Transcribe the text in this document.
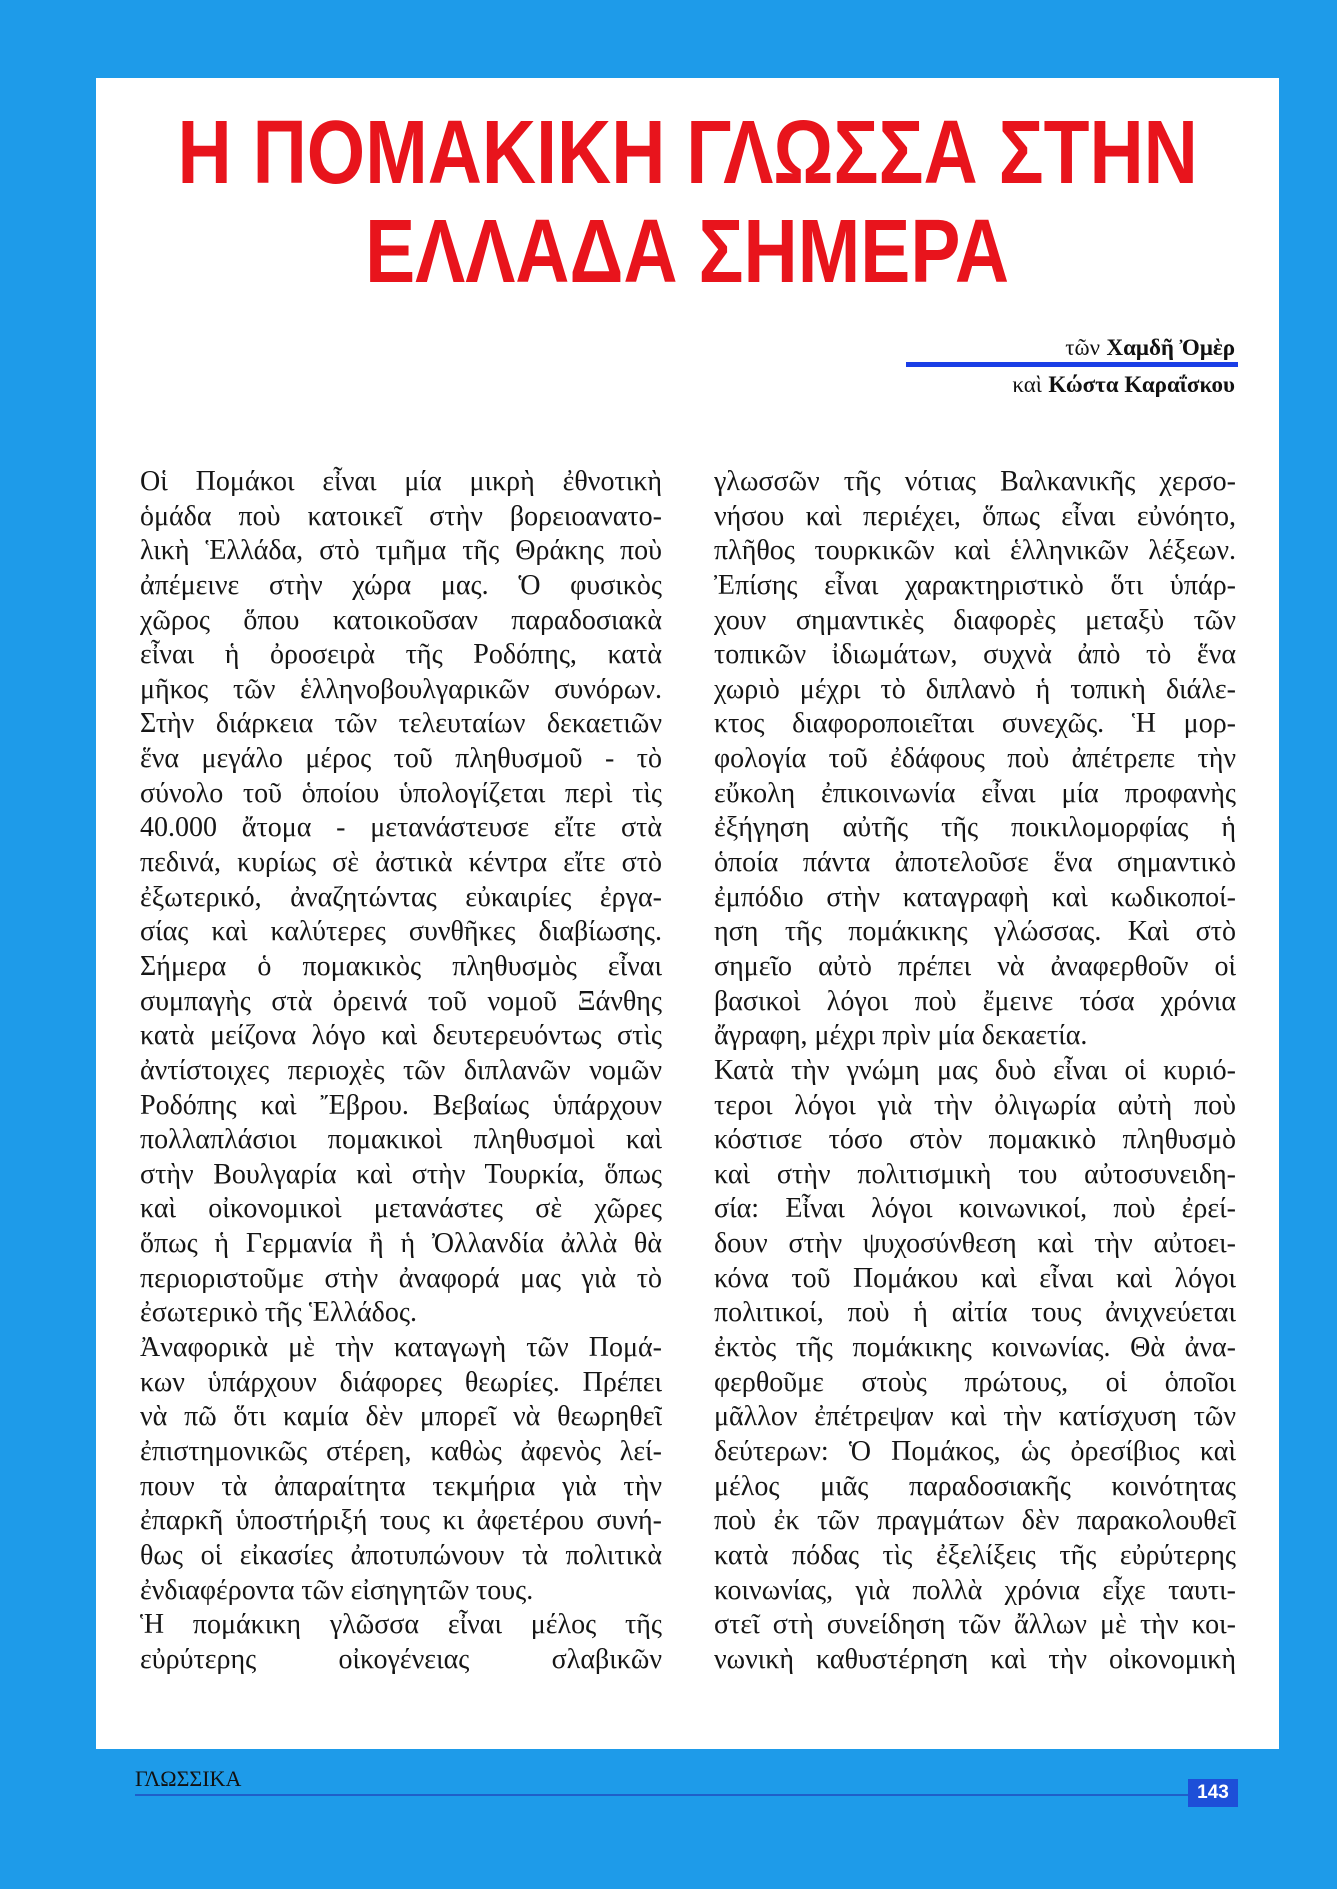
Η ΠΟΜΑΚΙΚΗ ΓΛΩΣΣΑ ΣΤΗΝ
ΕΛΛΑΔΑ ΣΗΜΕΡΑ
τῶν Χαμδῆ Ὀμὲρ
καὶ Κώστα Καραΐσκου
Οἱ Πομάκοι εἶναι μία μικρὴ ἐθνοτικὴ
ὁμάδα ποὺ κατοικεῖ στὴν βορειοανατο-
λικὴ Ἑλλάδα, στὸ τμῆμα τῆς Θράκης ποὺ
ἀπέμεινε στὴν χώρα μας. Ὁ φυσικὸς
χῶρος ὅπου κατοικοῦσαν παραδοσιακὰ
εἶναι ἡ ὀροσειρὰ τῆς Ροδόπης, κατὰ
μῆκος τῶν ἑλληνοβουλγαρικῶν συνόρων.
Στὴν διάρκεια τῶν τελευταίων δεκαετιῶν
ἕνα μεγάλο μέρος τοῦ πληθυσμοῦ - τὸ
σύνολο τοῦ ὁποίου ὑπολογίζεται περὶ τὶς
40.000 ἄτομα - μετανάστευσε εἴτε στὰ
πεδινά, κυρίως σὲ ἀστικὰ κέντρα εἴτε στὸ
ἐξωτερικό, ἀναζητώντας εὐκαιρίες ἐργα-
σίας καὶ καλύτερες συνθῆκες διαβίωσης.
Σήμερα ὁ πομακικὸς πληθυσμὸς εἶναι
συμπαγὴς στὰ ὀρεινά τοῦ νομοῦ Ξάνθης
κατὰ μείζονα λόγο καὶ δευτερευόντως στὶς
ἀντίστοιχες περιοχὲς τῶν διπλανῶν νομῶν
Ροδόπης καὶ Ἔβρου. Βεβαίως ὑπάρχουν
πολλαπλάσιοι πομακικοὶ πληθυσμοὶ καὶ
στὴν Βουλγαρία καὶ στὴν Τουρκία, ὅπως
καὶ οἰκονομικοὶ μετανάστες σὲ χῶρες
ὅπως ἡ Γερμανία ἢ ἡ Ὀλλανδία ἀλλὰ θὰ
περιοριστοῦμε στὴν ἀναφορά μας γιὰ τὸ
ἐσωτερικὸ τῆς Ἑλλάδος.
Ἀναφορικὰ μὲ τὴν καταγωγὴ τῶν Πομά-
κων ὑπάρχουν διάφορες θεωρίες. Πρέπει
νὰ πῶ ὅτι καμία δὲν μπορεῖ νὰ θεωρηθεῖ
ἐπιστημονικῶς στέρεη, καθὼς ἀφενὸς λεί-
πουν τὰ ἀπαραίτητα τεκμήρια γιὰ τὴν
ἐπαρκῆ ὑποστήριξή τους κι ἀφετέρου συνή-
θως οἱ εἰκασίες ἀποτυπώνουν τὰ πολιτικὰ
ἐνδιαφέροντα τῶν εἰσηγητῶν τους.
Ἡ πομάκικη γλῶσσα εἶναι μέλος τῆς
εὐρύτερης οἰκογένειας σλαβικῶν
γλωσσῶν τῆς νότιας Βαλκανικῆς χερσο-
νήσου καὶ περιέχει, ὅπως εἶναι εὐνόητο,
πλῆθος τουρκικῶν καὶ ἑλληνικῶν λέξεων.
Ἐπίσης εἶναι χαρακτηριστικὸ ὅτι ὑπάρ-
χουν σημαντικὲς διαφορὲς μεταξὺ τῶν
τοπικῶν ἰδιωμάτων, συχνὰ ἀπὸ τὸ ἕνα
χωριὸ μέχρι τὸ διπλανὸ ἡ τοπικὴ διάλε-
κτος διαφοροποιεῖται συνεχῶς. Ἡ μορ-
φολογία τοῦ ἐδάφους ποὺ ἀπέτρεπε τὴν
εὔκολη ἐπικοινωνία εἶναι μία προφανὴς
ἐξήγηση αὐτῆς τῆς ποικιλομορφίας ἡ
ὁποία πάντα ἀποτελοῦσε ἕνα σημαντικὸ
ἐμπόδιο στὴν καταγραφὴ καὶ κωδικοποί-
ηση τῆς πομάκικης γλώσσας. Καὶ στὸ
σημεῖο αὐτὸ πρέπει νὰ ἀναφερθοῦν οἱ
βασικοὶ λόγοι ποὺ ἔμεινε τόσα χρόνια
ἄγραφη, μέχρι πρὶν μία δεκαετία.
Κατὰ τὴν γνώμη μας δυὸ εἶναι οἱ κυριό-
τεροι λόγοι γιὰ τὴν ὀλιγωρία αὐτὴ ποὺ
κόστισε τόσο στὸν πομακικὸ πληθυσμὸ
καὶ στὴν πολιτισμικὴ του αὐτοσυνειδη-
σία: Εἶναι λόγοι κοινωνικοί, ποὺ ἐρεί-
δουν στὴν ψυχοσύνθεση καὶ τὴν αὐτοει-
κόνα τοῦ Πομάκου καὶ εἶναι καὶ λόγοι
πολιτικοί, ποὺ ἡ αἰτία τους ἀνιχνεύεται
ἐκτὸς τῆς πομάκικης κοινωνίας. Θὰ ἀνα-
φερθοῦμε στοὺς πρώτους, οἱ ὁποῖοι
μᾶλλον ἐπέτρεψαν καὶ τὴν κατίσχυση τῶν
δεύτερων: Ὁ Πομάκος, ὡς ὀρεσίβιος καὶ
μέλος μιᾶς παραδοσιακῆς κοινότητας
ποὺ ἐκ τῶν πραγμάτων δὲν παρακολουθεῖ
κατὰ πόδας τὶς ἐξελίξεις τῆς εὐρύτερης
κοινωνίας, γιὰ πολλὰ χρόνια εἶχε ταυτι-
στεῖ στὴ συνείδηση τῶν ἄλλων μὲ τὴν κοι-
νωνικὴ καθυστέρηση καὶ τὴν οἰκονομικὴ
ΓΛΩΣΣΙΚΑ
143
